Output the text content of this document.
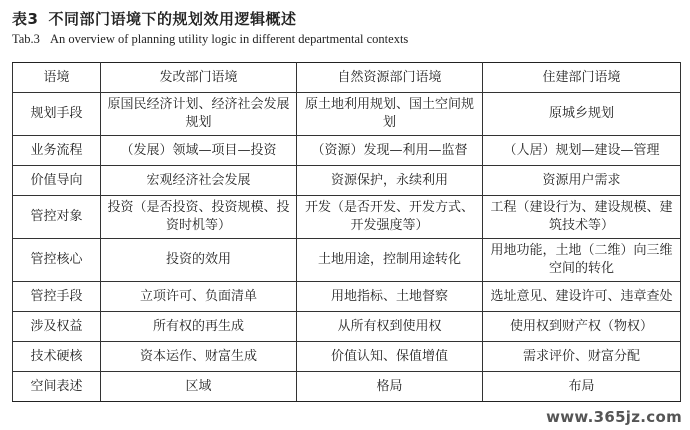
表3 不同部门语境下的规划效用逻辑概述
Tab.3 An overview of planning utility logic in different departmental contexts
语境	发改部门语境	自然资源部门语境	住建部门语境
规划手段	原国民经济计划、经济社会发展规划	原土地利用规划、国土空间规划	原城乡规划
业务流程	（发展）领域—项目—投资	（资源）发现—利用—监督	（人居）规划—建设—管理
价值导向	宏观经济社会发展	资源保护，永续利用	资源用户需求
管控对象	投资（是否投资、投资规模、投资时机等）	开发（是否开发、开发方式、开发强度等）	工程（建设行为、建设规模、建筑技术等）
管控核心	投资的效用	土地用途，控制用途转化	用地功能，土地（二维）向三维空间的转化
管控手段	立项许可、负面清单	用地指标、土地督察	选址意见、建设许可、违章查处
涉及权益	所有权的再生成	从所有权到使用权	使用权到财产权（物权）
技术硬核	资本运作、财富生成	价值认知、保值增值	需求评价、财富分配
空间表述	区域	格局	布局
www.365jz.com
